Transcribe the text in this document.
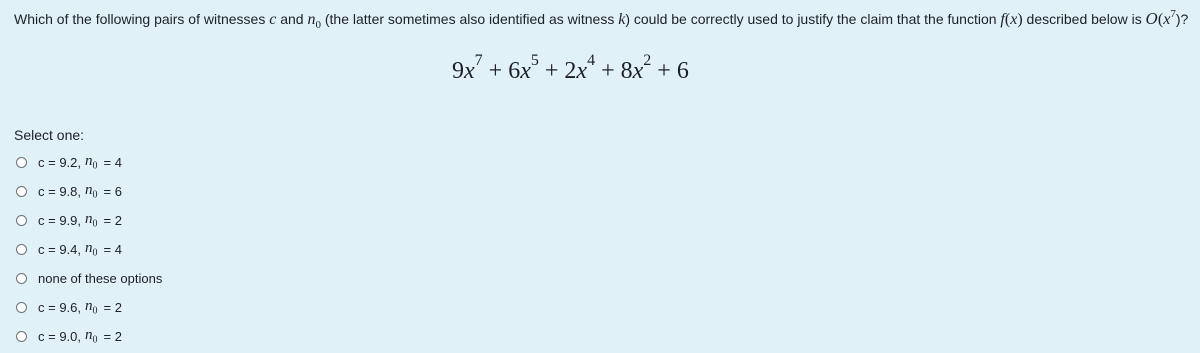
Which of the following pairs of witnesses c and $n_0$ (the latter sometimes also identified as witness k) could be correctly used to justify the claim that the function f(x) described below is $O(x^7)$?
$9x^7 + 6x^5 + 2x^4 + 8x^2 + 6$
Select one:
c = 9.2, $n_0 = 4$
c = 9.8, $n_0 = 6$
c = 9.9, $n_0 = 2$
c = 9.4, $n_0 = 4$
none of these options
c = 9.6, $n_0 = 2$
c = 9.0, $n_0 = 2$
